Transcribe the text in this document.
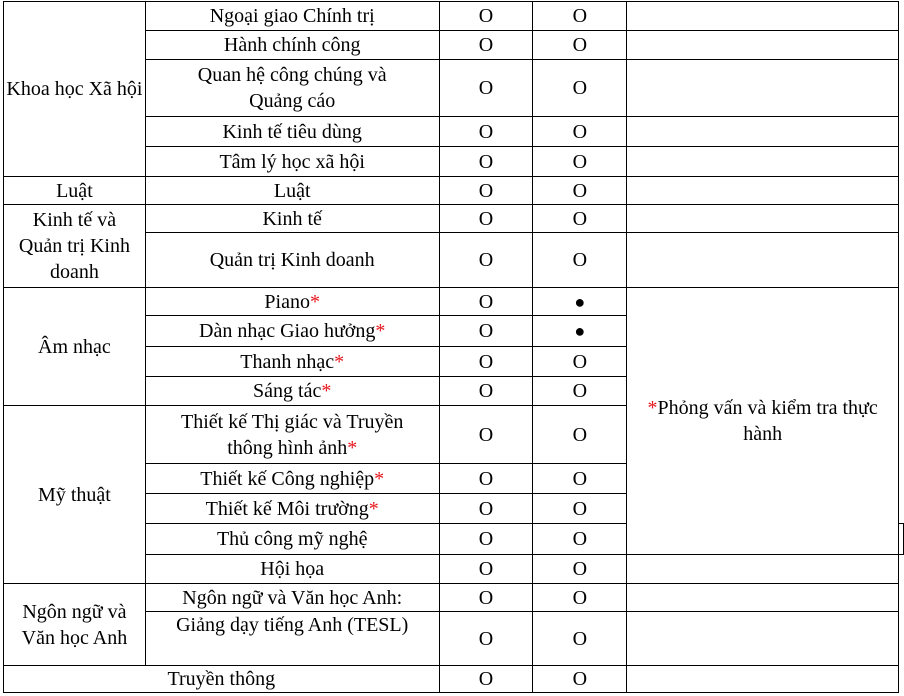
Khoa học Xã hội	Ngoại giao Chính trị	O	O		
	Hành chính công	O	O		
	Quan hệ công chúng và Quảng cáo	O	O		
	Kinh tế tiêu dùng	O	O		
	Tâm lý học xã hội	O	O		
Luật	Luật	O	O		
Kinh tế và Quản trị Kinh doanh	Kinh tế	O	O		
	Quản trị Kinh doanh	O	O		
Âm nhạc	Piano*	O	●	*Phỏng vấn và kiểm tra thực hành	
	Dàn nhạc Giao hưởng*	O	●		
	Thanh nhạc*	O	O		
	Sáng tác*	O	O		
Mỹ thuật	Thiết kế Thị giác và Truyền thông hình ảnh*	O	O		
	Thiết kế Công nghiệp*	O	O		
	Thiết kế Môi trường*	O	O		
	Thủ công mỹ nghệ	O	O		
	Hội họa	O	O		
Ngôn ngữ và Văn học Anh	Ngôn ngữ và Văn học Anh:	O	O		
	Giảng dạy tiếng Anh (TESL)	O	O		
Truyền thông		O	O		
